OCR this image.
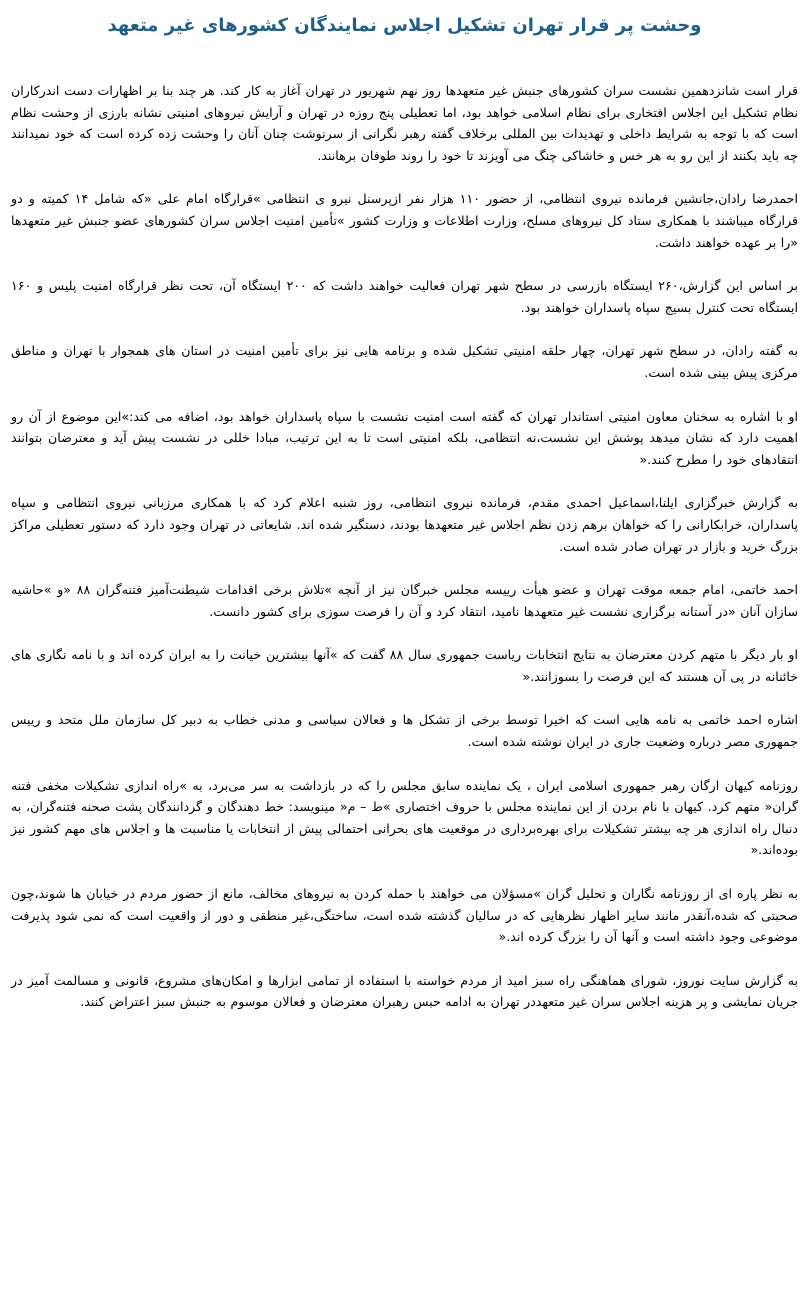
وحشت پر قرار تهران تشکیل اجلاس نمایندگان کشورهای غیر متعهد

قرار است شانزدهمین نشست سران کشورهای جنبش غیر متعهدها روز نهم شهریور در تهران آغاز به کار کند. هر چند بنا بر اظهارات دست اندرکاران نظام تشکیل این اجلاس افتخاری برای نظام اسلامی خواهد بود، اما تعطیلی پنج روزه در تهران و آرایش نیروهای امنیتی نشانه بارزی از وحشت نظام است که با توجه به شرایط داخلی و تهدیدات بین المللی برخلاف گفته رهبر نگرانی از سرنوشت چنان آنان را وحشت زده کرده است که خود نمیدانند چه باید بکنند از این رو به هر خس و خاشاکی چنگ می آویزند تا خود را روند طوفان برهانند.

احمدرضا رادان،جانشین فرمانده نیروی انتظامی، از حضور ۱۱۰ هزار نفر ازپرسنل نیرو ی انتظامی »قرارگاه امام علی «که شامل ۱۴ کمیته و دو قرارگاه میباشند با همکاری ستاد کل نیروهای مسلح، وزارت اطلاعات و وزارت کشور »تأمین امنیت اجلاس سران کشورهای عضو جنبش غیر متعهدها «را بر عهده خواهند داشت.

بر اساس این گزارش،۲۶۰ ایستگاه بازرسی در سطح شهر تهران فعالیت خواهند داشت که ۲۰۰ ایستگاه آن، تحت نظر قرارگاه امنیت پلیس و ۱۶۰ ایستگاه تحت کنترل بسیج سپاه پاسداران خواهند بود.

به گفته رادان، در سطح شهر تهران، چهار حلقه امنیتی تشکیل شده و برنامه هایی نیز برای تأمین امنیت در استان های همجوار با تهران و مناطق مرکزی پیش بینی شده است.

او با اشاره به سخنان معاون امنیتی استاندار تهران که گفته است امنیت نشست با سپاه پاسداران خواهد بود، اضافه می کند:»این موضوع از آن رو اهمیت دارد که نشان میدهد پوشش این نشست،نه انتظامی، بلکه امنیتی است تا به این ترتیب، مبادا خللی در نشست پیش آید و معترضان بتوانند انتقادهای خود را مطرح کنند.«

به گزارش خبرگزاری ایلنا،اسماعیل احمدی مقدم، فرمانده نیروی انتظامی، روز شنبه اعلام کرد که با همکاری مرزبانی نیروی انتظامی و سپاه پاسداران، خرابکارانی را که خواهان برهم زدن نظم اجلاس غیر متعهدها بودند، دستگیر شده اند. شایعاتی در تهران وجود دارد که دستور تعطیلی مراکز بزرگ خرید و بازار در تهران صادر شده است.

احمد خاتمی، امام جمعه موقت تهران و عضو هیأت رییسه مجلس خبرگان نیز از آنچه »تلاش برخی اقدامات شیطنت‌آمیز فتنه‌گران ۸۸ «و »حاشیه سازان آنان «در آستانه برگزاری نشست غیر متعهدها نامید، انتقاد کرد و آن را فرصت سوزی برای کشور دانست.

او بار دیگر با متهم کردن معترضان به نتایج انتخابات ریاست جمهوری سال ۸۸ گفت که »آنها بیشترین خیانت را به ایران کرده اند و با نامه نگاری های خائنانه در پی آن هستند که این فرصت را بسوزانند.«

اشاره احمد خاتمی به نامه هایی است که اخیرا توسط برخی از تشکل ها و فعالان سیاسی و مدنی خطاب به دبیر کل سازمان ملل متحد و رییس جمهوری مصر درباره وضعیت جاری در ایران نوشته شده است.

روزنامه کیهان ارگان رهبر جمهوری اسلامی ایران ، یک نماینده سابق مجلس را که در بازداشت به سر می‌برد، به »راه اندازی تشکیلات مخفی فتنه گران« متهم کرد. کیهان با نام بردن از این نماینده مجلس با حروف اختصاری »ط – م« مینویسد: خط دهندگان و گردانندگان پشت صحنه فتنه‌گران، به دنبال راه اندازی هر چه بیشتر تشکیلات برای بهره‌برداری در موقعیت های بحرانی احتمالی پیش از انتخابات یا مناسبت ها و اجلاس های مهم کشور نیز بوده‌اند.«

به نظر پاره ای از روزنامه نگاران و تحلیل گران »مسؤلان می خواهند با حمله کردن به نیروهای مخالف، مانع از حضور مردم در خیابان ها شوند،چون صحبتی که شده،آنقدر مانند سایر اظهار نظرهایی که در سالیان گذشته شده است، ساختگی،غیر منطقی و دور از واقعیت است که نمی شود پذیرفت موضوعی وجود داشته است و آنها آن را بزرگ کرده اند.«

به گزارش سایت نوروز، شورای هماهنگی راه سبز امید از مردم خواسته با استفاده از تمامی ابزارها و امکان‌های مشروع، قانونی و مسالمت آمیز در جریان نمایشی و پر هزینه اجلاس سران غیر متعهددر تهران به ادامه حبس رهبران معترضان و فعالان موسوم به جنبش سبز اعتراض کنند.
